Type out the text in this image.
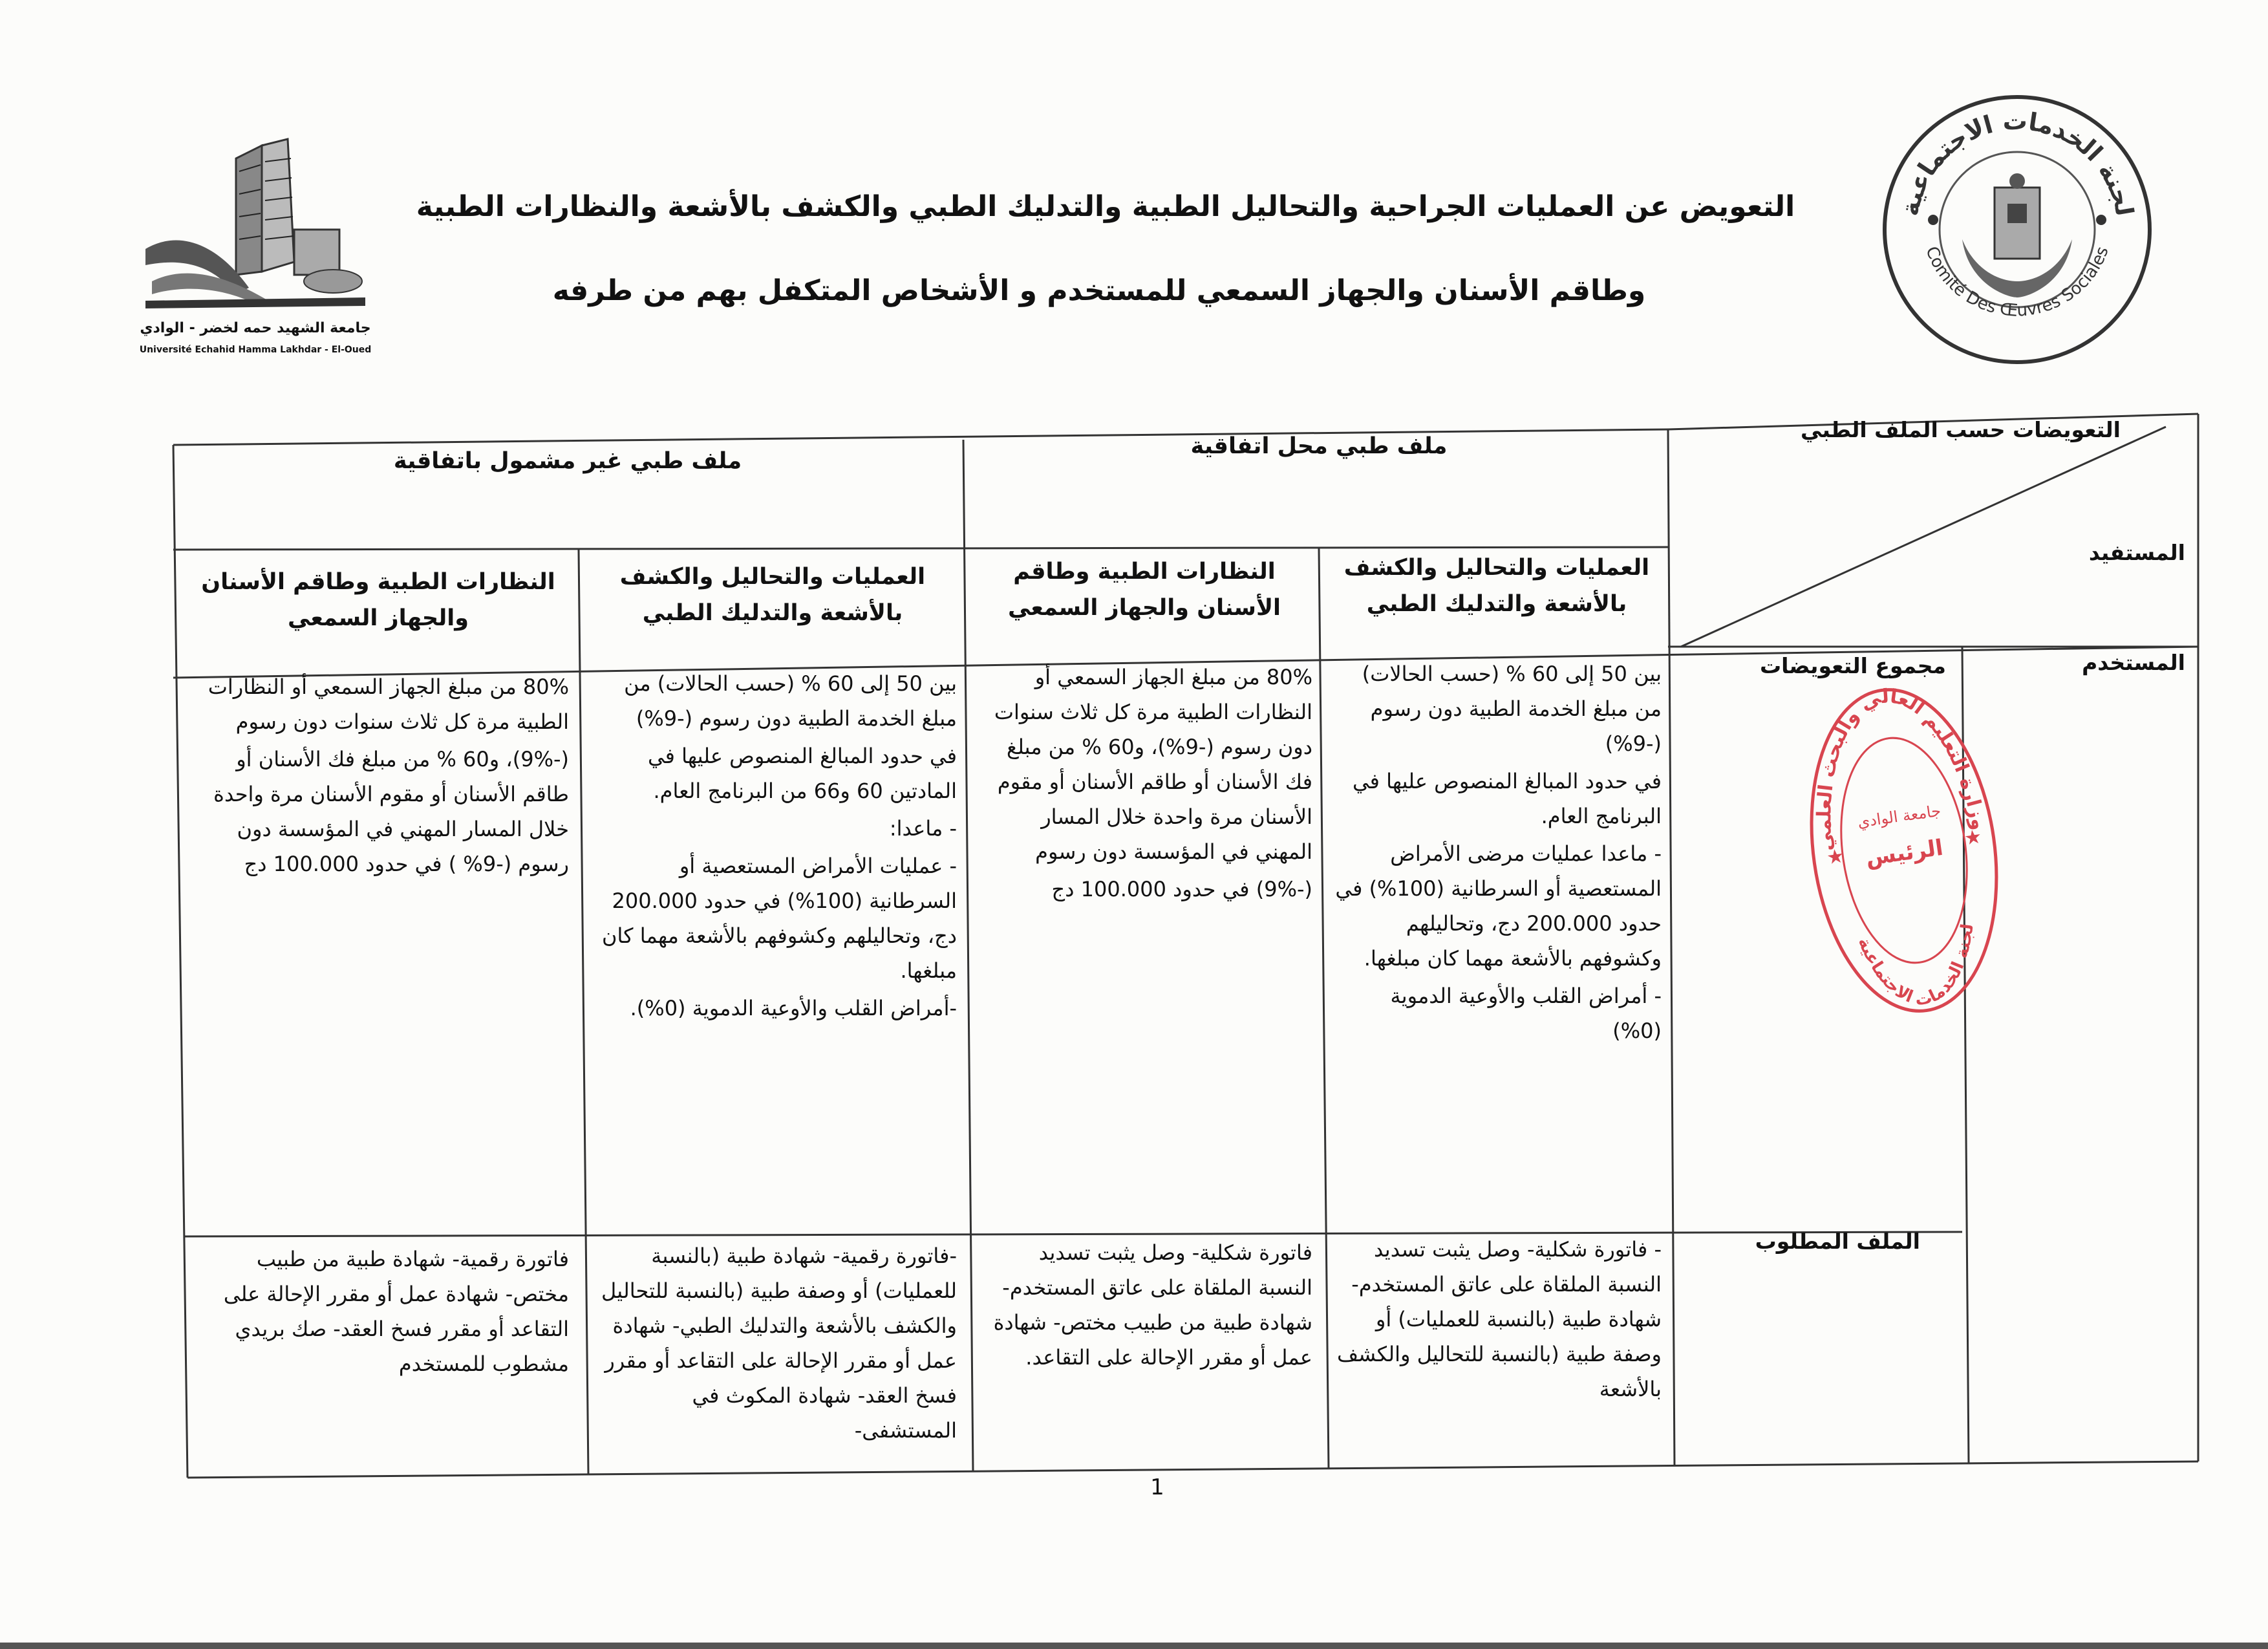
جامعة الشهيد حمه لخضر - الوادي
Université Echahid Hamma Lakhdar - El-Oued
لجنة الخدمات الاجتماعية
Comité Des Œuvres Sociales
التعويض عن العمليات الجراحية والتحاليل الطبية والتدليك الطبي والكشف بالأشعة والنظارات الطبية
وطاقم الأسنان والجهاز السمعي للمستخدم و الأشخاص المتكفل بهم من طرفه
التعويضات حسب الملف الطبي
المستفيد
ملف طبي محل اتفاقية
ملف طبي غير مشمول باتفاقية
العمليات والتحاليل والكشف بالأشعة والتدليك الطبي
النظارات الطبية وطاقم الأسنان والجهاز السمعي
العمليات والتحاليل والكشف بالأشعة والتدليك الطبي
النظارات الطبية وطاقم الأسنان والجهاز السمعي
المستخدم
مجموع التعويضات
الملف المطلوب

بين 50 إلى 60 % (حسب الحالات) من مبلغ الخدمة الطبية دون رسوم (-9%)

في حدود المبالغ المنصوص عليها في البرنامج العام.

- ماعدا عمليات مرضى الأمراض المستعصية أو السرطانية (100%) في حدود 200.000 دج، وتحاليلهم وكشوفهم بالأشعة مهما كان مبلغها.

- أمراض القلب والأوعية الدموية (0%)

80% من مبلغ الجهاز السمعي أو النظارات الطبية مرة كل ثلاث سنوات دون رسوم (-9%)، و60 % من مبلغ فك الأسنان أو طاقم الأسنان أو مقوم الأسنان مرة واحدة خلال المسار المهني في المؤسسة دون رسوم

(-9%) في حدود 100.000 دج

بين 50 إلى 60 % (حسب الحالات) من مبلغ الخدمة الطبية دون رسوم (-9%)

في حدود المبالغ المنصوص عليها في المادتين 60 و66 من البرنامج العام.

- ماعدا:

- عمليات الأمراض المستعصية أو السرطانية (100%) في حدود 200.000 دج، وتحاليلهم وكشوفهم بالأشعة مهما كان مبلغها.

-أمراض القلب والأوعية الدموية (0%).

80% من مبلغ الجهاز السمعي أو النظارات الطبية مرة كل ثلاث سنوات دون رسوم

(-9%)، و60 % من مبلغ فك الأسنان أو طاقم الأسنان أو مقوم الأسنان مرة واحدة خلال المسار المهني في المؤسسة دون رسوم (-9% ) في حدود 100.000 دج

- فاتورة شكلية- وصل يثبت تسديد النسبة الملقاة على عاتق المستخدم- شهادة طبية (بالنسبة للعمليات) أو وصفة طبية (بالنسبة للتحاليل والكشف بالأشعة
فاتورة شكلية- وصل يثبت تسديد النسبة الملقاة على عاتق المستخدم- شهادة طبية من طبيب مختص- شهادة عمل أو مقرر الإحالة على التقاعد.
-فاتورة رقمية- شهادة طبية (بالنسبة للعمليات) أو وصفة طبية (بالنسبة للتحاليل والكشف بالأشعة والتدليك الطبي- شهادة عمل أو مقرر الإحالة على التقاعد أو مقرر فسخ العقد- شهادة المكوث في المستشفى-
فاتورة رقمية- شهادة طبية من طبيب مختص- شهادة عمل أو مقرر الإحالة على التقاعد أو مقرر فسخ العقد- صك بريدي مشطوب للمستخدم
وزارة التعليم العالي والبحث العلمي
لجنة الخدمات الاجتماعية
جامعة الوادي
الرئيس
★
★
1
